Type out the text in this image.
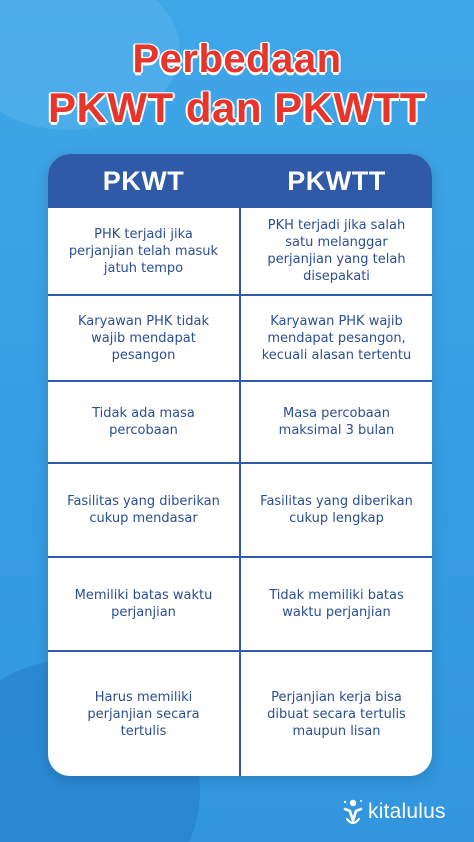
Perbedaan
PKWT dan PKWTT
PKWT	PKWTT
PHK terjadi jika perjanjian telah masuk jatuh tempo
PKH terjadi jika salah satu melanggar perjanjian yang telah disepakati
Karyawan PHK tidak wajib mendapat pesangon
Karyawan PHK wajib mendapat pesangon, kecuali alasan tertentu
Tidak ada masa percobaan
Masa percobaan maksimal 3 bulan
Fasilitas yang diberikan cukup mendasar
Fasilitas yang diberikan cukup lengkap
Memiliki batas waktu perjanjian
Tidak memiliki batas waktu perjanjian
Harus memiliki perjanjian secara tertulis
Perjanjian kerja bisa dibuat secara tertulis maupun lisan
kitalulus
